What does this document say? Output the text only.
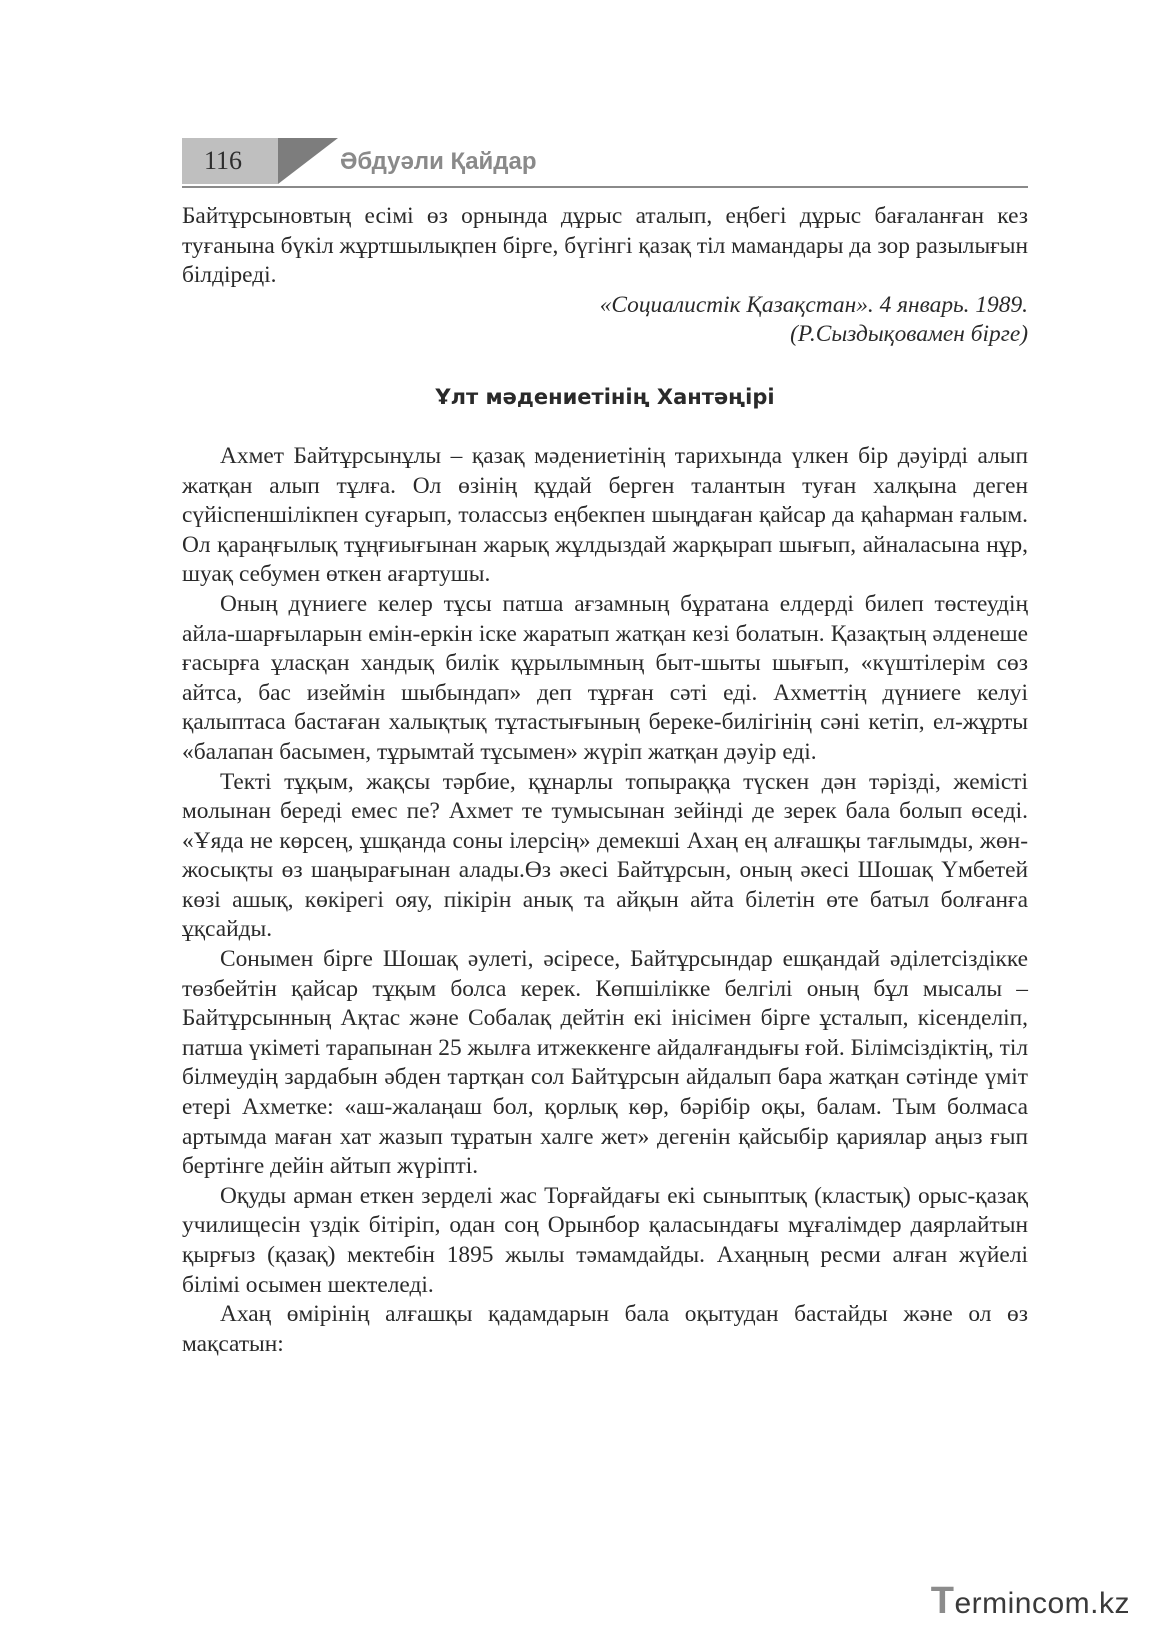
116	Әбдуәли Қайдар

Байтұрсыновтың есімі өз орнында дұрыс аталып, еңбегі дұрыс бағаланған кез туғанына бүкіл жұртшылықпен бірге, бүгінгі қазақ тіл мамандары да зор разылығын білдіреді.

«Социалистік Қазақстан». 4 январь. 1989.

(Р.Сыздықовамен бірге)

Ұлт мәдениетінің Хантәңірі

Ахмет Байтұрсынұлы – қазақ мәдениетінің тарихында үлкен бір дәуірді алып жатқан алып тұлға. Ол өзінің құдай берген талантын туған халқына деген сүйіспеншілікпен суғарып, толассыз еңбекпен шыңдаған қайсар да қаһарман ғалым. Ол қараңғылық тұңғиығынан жарық жұлдыздай жарқырап шығып, айналасына нұр, шуақ себумен өткен ағартушы.

Оның дүниеге келер тұсы патша ағзамның бұратана елдерді билеп төстеудің айла-шарғыларын емін-еркін іске жаратып жатқан кезі болатын. Қазақтың әлденеше ғасырға ұласқан хандық билік құрылымның быт-шыты шығып, «күштілерім сөз айтса, бас изеймін шыбындап» деп тұрған сәті еді. Ахметтің дүниеге келуі қалыптаса бастаған халықтық тұтастығының береке-билігінің сәні кетіп, ел-жұрты «балапан басымен, тұрымтай тұсымен» жүріп жатқан дәуір еді.

Текті тұқым, жақсы тәрбие, құнарлы топыраққа түскен дән тәрізді, жемісті молынан береді емес пе? Ахмет те тумысынан зейінді де зерек бала болып өседі. «Ұяда не көрсең, ұшқанда соны ілерсің» демекші Ахаң ең алғашқы тағлымды, жөн-жосықты өз шаңырағынан алады.Өз әкесі Байтұрсын, оның әкесі Шошақ Үмбетей көзі ашық, көкірегі ояу, пікірін анық та айқын айта білетін өте батыл болғанға ұқсайды.

Сонымен бірге Шошақ әулеті, әсіресе, Байтұрсындар ешқандай әділетсіздікке төзбейтін қайсар тұқым болса керек. Көпшілікке белгілі оның бұл мысалы – Байтұрсынның Ақтас және Собалақ дейтін екі інісімен бірге ұсталып, кісенделіп, патша үкіметі тарапынан 25 жылға итжеккенге айдалғандығы ғой. Білімсіздіктің, тіл білмеудің зардабын әбден тартқан сол Байтұрсын айдалып бара жатқан сәтінде үміт етері Ахметке: «аш-жалаңаш бол, қорлық көр, бәрібір оқы, балам. Тым болмаса артымда маған хат жазып тұратын халге жет» дегенін қайсыбір қариялар аңыз ғып бертінге дейін айтып жүріпті.

Оқуды арман еткен зерделі жас Торғайдағы екі сыныптық (кластық) орыс-қазақ училищесін үздік бітіріп, одан соң Орынбор қаласындағы мұғалімдер даярлайтын қырғыз (қазақ) мектебін 1895 жылы тәмамдайды. Ахаңның ресми алған жүйелі білімі осымен шектеледі.

Ахаң өмірінің алғашқы қадамдарын бала оқытудан бастайды және ол өз мақсатын:

Termincom.kz
